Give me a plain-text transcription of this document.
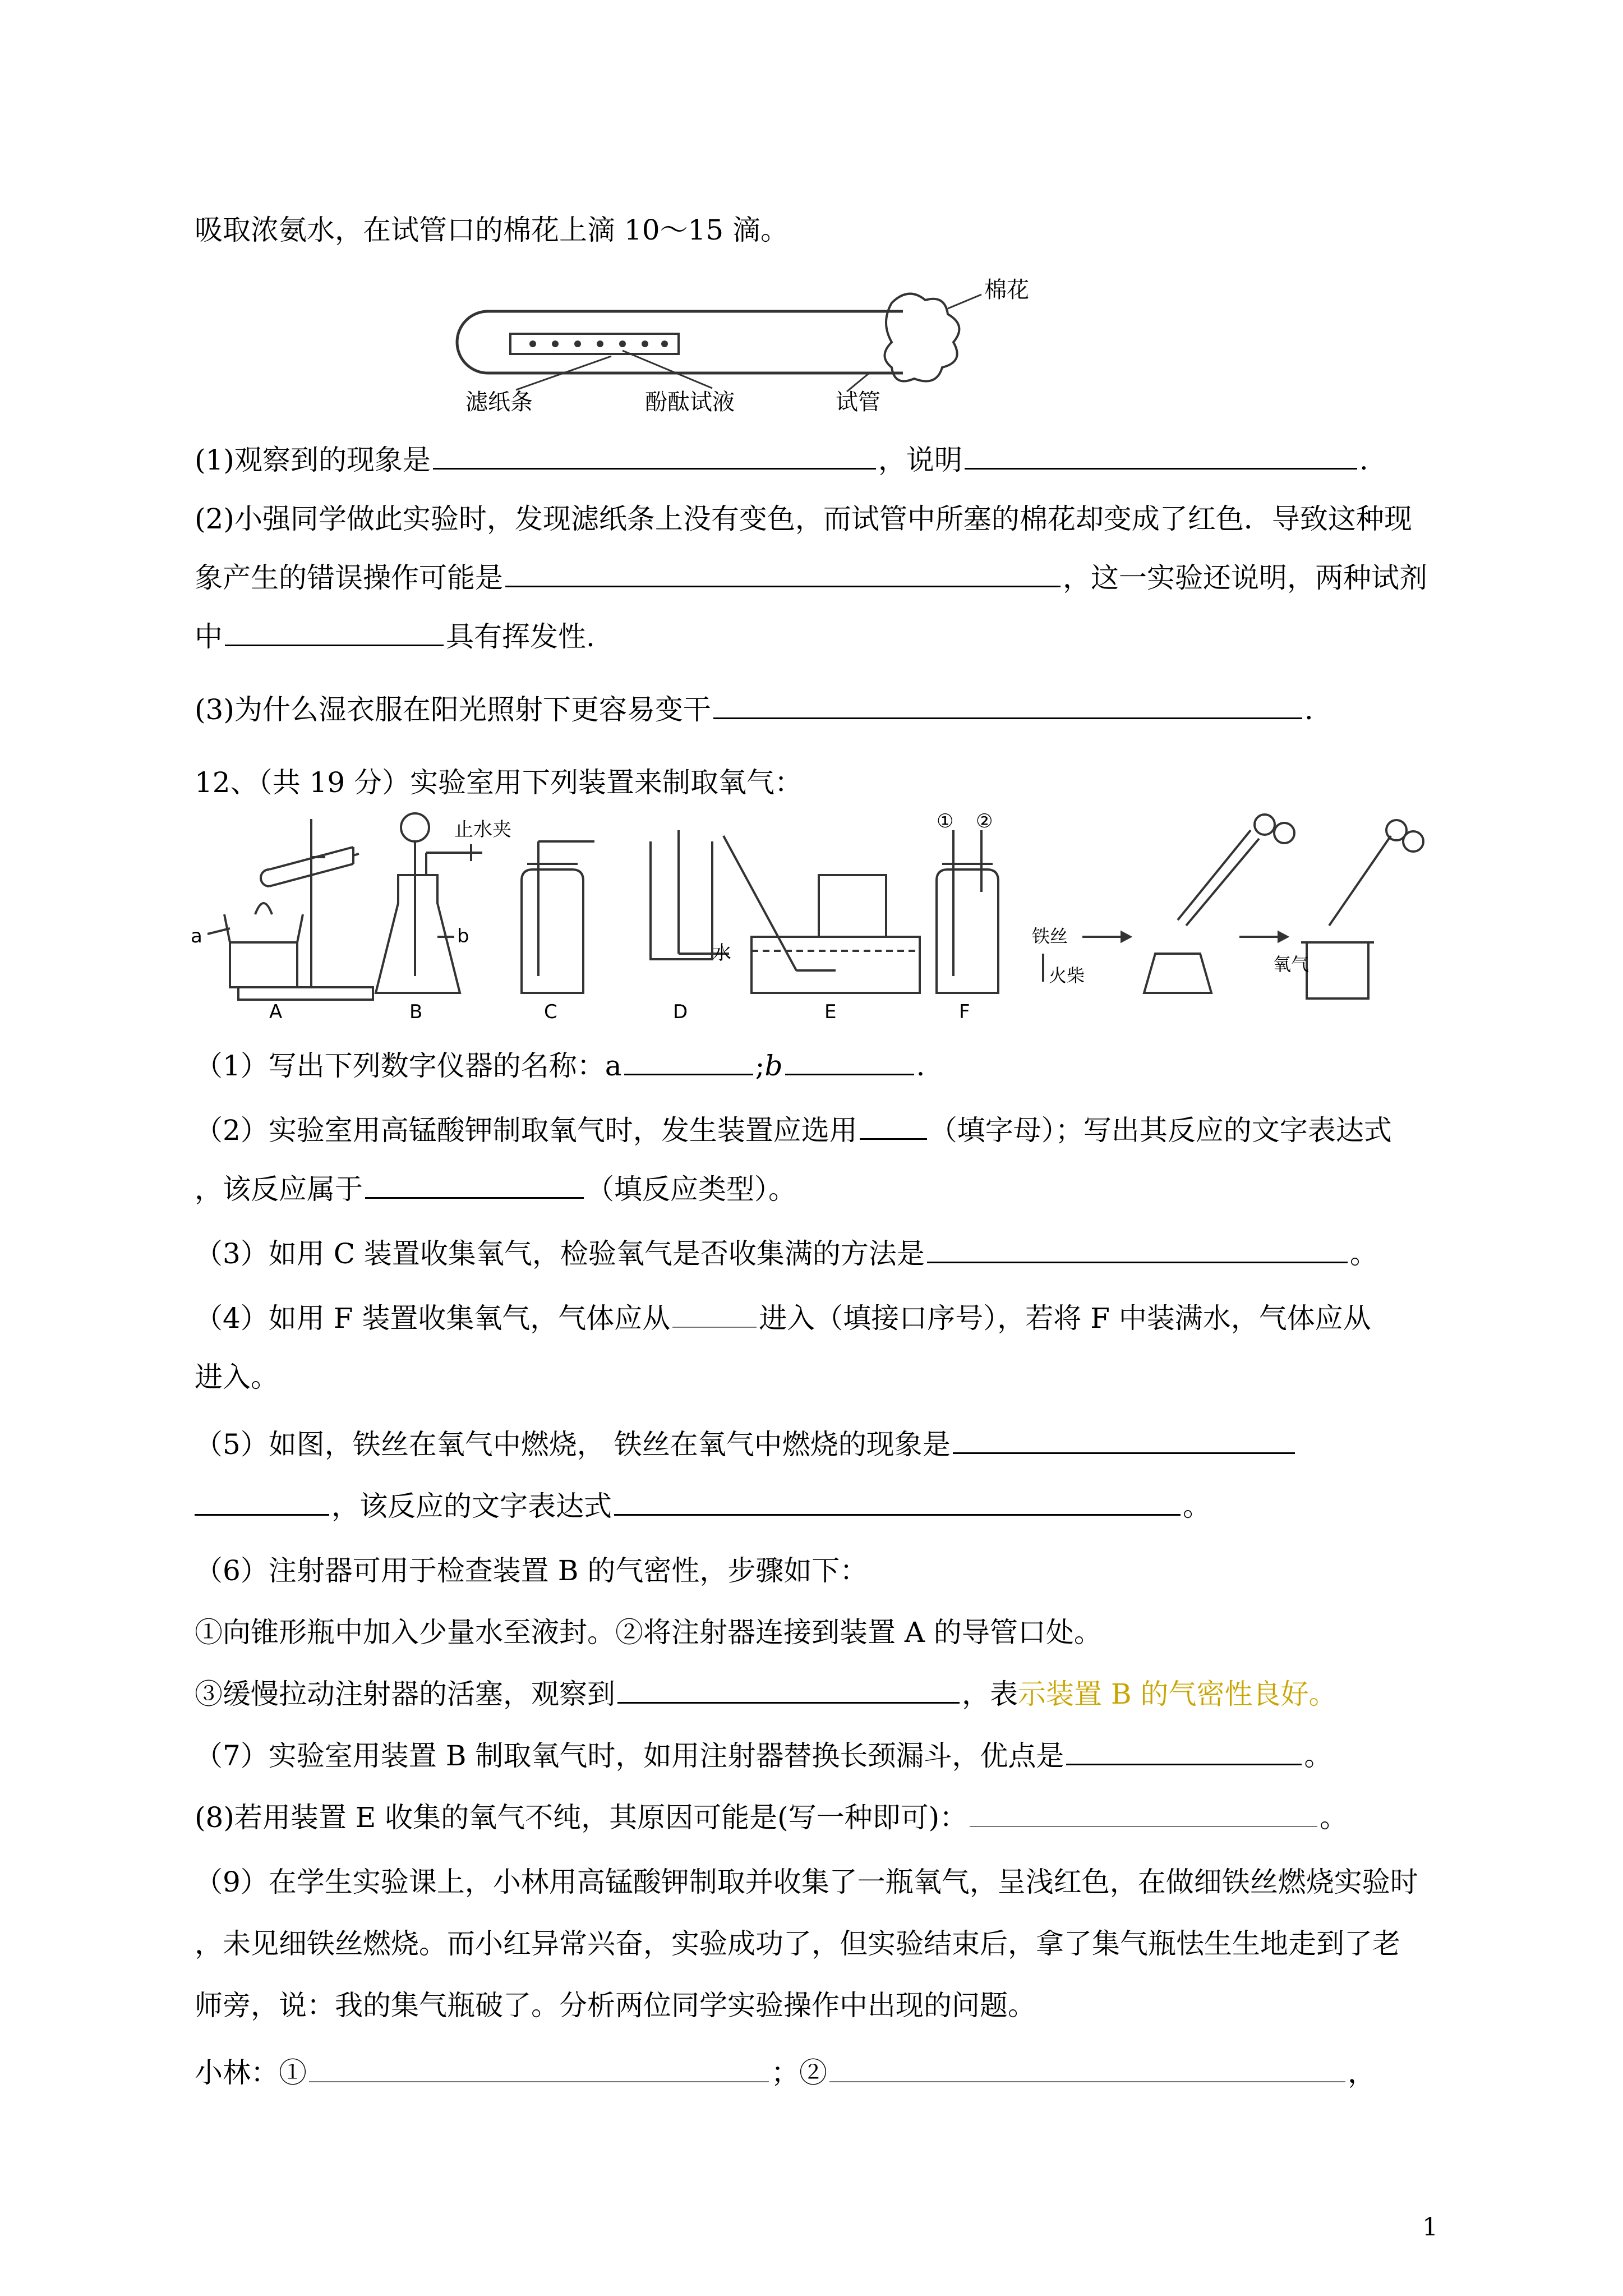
吸取浓氨水，在试管口的棉花上滴 10～15 滴。
棉花
滤纸条	酚酞试液	试管
(1)观察到的现象是	，说明	.
(2)小强同学做此实验时，发现滤纸条上没有变色，而试管中所塞的棉花却变成了红色．导致这种现
象产生的错误操作可能是	，这一实验还说明，两种试剂
中	具有挥发性.
(3)为什么湿衣服在阳光照射下更容易变干	.
12、（共 19 分）实验室用下列装置来制取氧气：
a
A
b
止水夹
B	C	D
水
E
① ②
F
铁丝
火柴
氧气
（1）写出下列数字仪器的名称：a	;b	.
（2）实验室用高锰酸钾制取氧气时，发生装置应选用	（填字母）；写出其反应的文字表达式
，该反应属于	（填反应类型）。
（3）如用 C 装置收集氧气，检验氧气是否收集满的方法是	。
（4）如用 F 装置收集氧气，气体应从	进入（填接口序号），若将 F 中装满水，气体应从
进入。
（5）如图，铁丝在氧气中燃烧， 铁丝在氧气中燃烧的现象是
，该反应的文字表达式	。
（6）注射器可用于检查装置 B 的气密性，步骤如下：
①向锥形瓶中加入少量水至液封。②将注射器连接到装置 A 的导管口处。
③缓慢拉动注射器的活塞，观察到	，表示装置 B 的气密性良好。
（7）实验室用装置 B 制取氧气时，如用注射器替换长颈漏斗，优点是	。
(8)若用装置 E 收集的氧气不纯，其原因可能是(写一种即可)：	。
（9）在学生实验课上，小林用高锰酸钾制取并收集了一瓶氧气，呈浅红色，在做细铁丝燃烧实验时
，未见细铁丝燃烧。而小红异常兴奋，实验成功了，但实验结束后，拿了集气瓶怯生生地走到了老
师旁，说：我的集气瓶破了。分析两位同学实验操作中出现的问题。
小林：①	；②	，
1
